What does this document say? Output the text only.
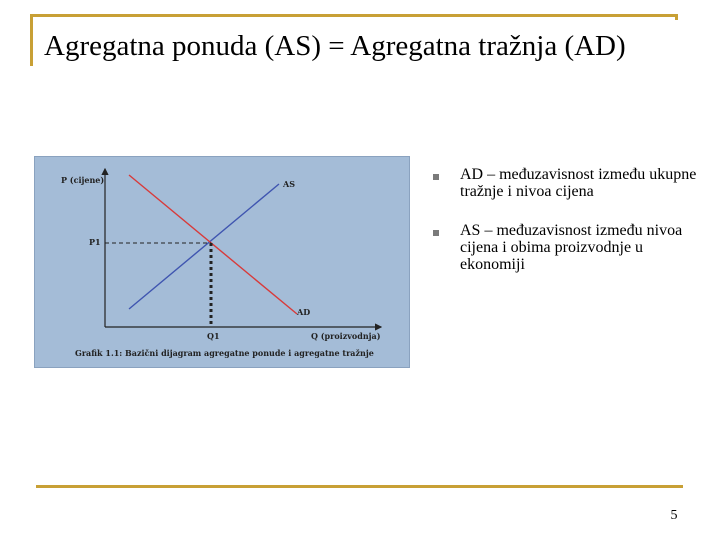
Agregatna ponuda (AS) = Agregatna tražnja (AD)
P (cijene)
Q (proizvodnja)
P1
Q1
AS
AD
Grafik 1.1: Bazični dijagram agregatne ponude i agregatne tražnje
AD – međuzavisnost između ukupne tražnje i nivoa cijena
AS – međuzavisnost između nivoa cijena i obima proizvodnje u ekonomiji
5
